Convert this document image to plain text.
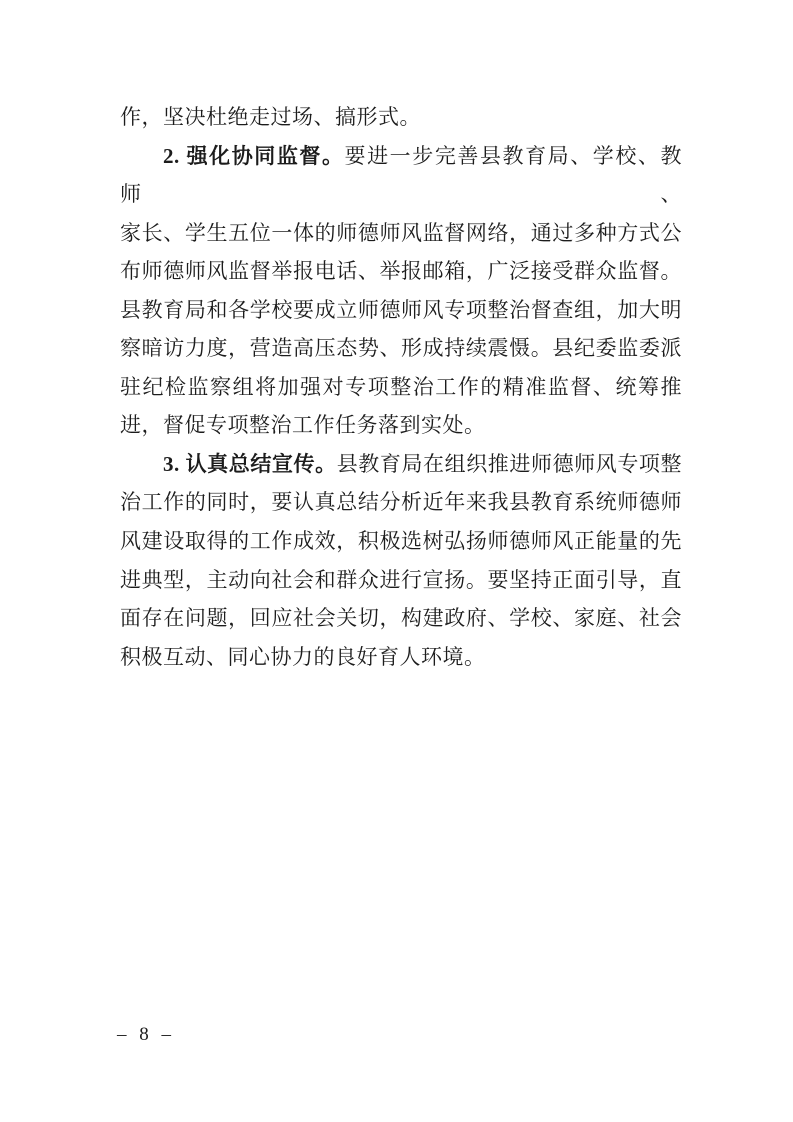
作，坚决杜绝走过场、搞形式。
2. 强化协同监督。要进一步完善县教育局、学校、教师、
家长、学生五位一体的师德师风监督网络，通过多种方式公
布师德师风监督举报电话、举报邮箱，广泛接受群众监督。
县教育局和各学校要成立师德师风专项整治督查组，加大明
察暗访力度，营造高压态势、形成持续震慑。县纪委监委派
驻纪检监察组将加强对专项整治工作的精准监督、统筹推
进，督促专项整治工作任务落到实处。
3. 认真总结宣传。县教育局在组织推进师德师风专项整
治工作的同时，要认真总结分析近年来我县教育系统师德师
风建设取得的工作成效，积极选树弘扬师德师风正能量的先
进典型，主动向社会和群众进行宣扬。要坚持正面引导，直
面存在问题，回应社会关切，构建政府、学校、家庭、社会
积极互动、同心协力的良好育人环境。
– 8 –
